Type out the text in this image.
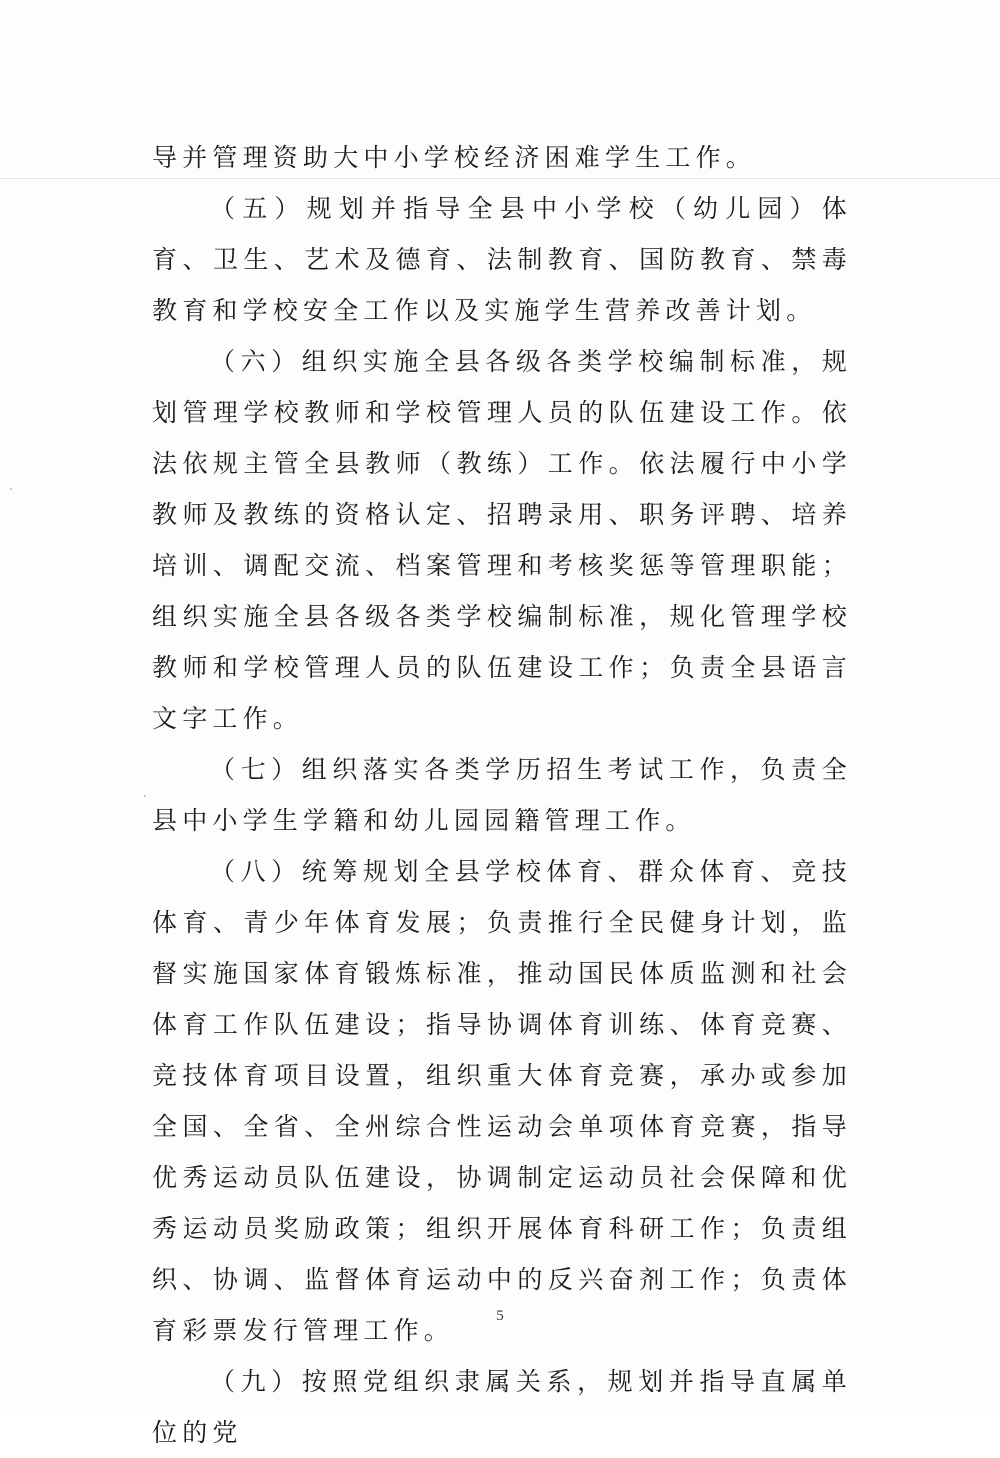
导并管理资助大中小学校经济困难学生工作。

（五）规划并指导全县中小学校（幼儿园）体育、卫生、艺术及德育、法制教育、国防教育、禁毒教育和学校安全工作以及实施学生营养改善计划。

（六）组织实施全县各级各类学校编制标准，规划管理学校教师和学校管理人员的队伍建设工作。依法依规主管全县教师（教练）工作。依法履行中小学教师及教练的资格认定、招聘录用、职务评聘、培养培训、调配交流、档案管理和考核奖惩等管理职能；组织实施全县各级各类学校编制标准，规化管理学校教师和学校管理人员的队伍建设工作；负责全县语言文字工作。

（七）组织落实各类学历招生考试工作，负责全县中小学生学籍和幼儿园园籍管理工作。

（八）统筹规划全县学校体育、群众体育、竞技体育、青少年体育发展；负责推行全民健身计划，监督实施国家体育锻炼标准，推动国民体质监测和社会体育工作队伍建设；指导协调体育训练、体育竞赛、竞技体育项目设置，组织重大体育竞赛，承办或参加全国、全省、全州综合性运动会单项体育竞赛，指导优秀运动员队伍建设，协调制定运动员社会保障和优秀运动员奖励政策；组织开展体育科研工作；负责组织、协调、监督体育运动中的反兴奋剂工作；负责体育彩票发行管理工作。

（九）按照党组织隶属关系，规划并指导直属单位的党

5
